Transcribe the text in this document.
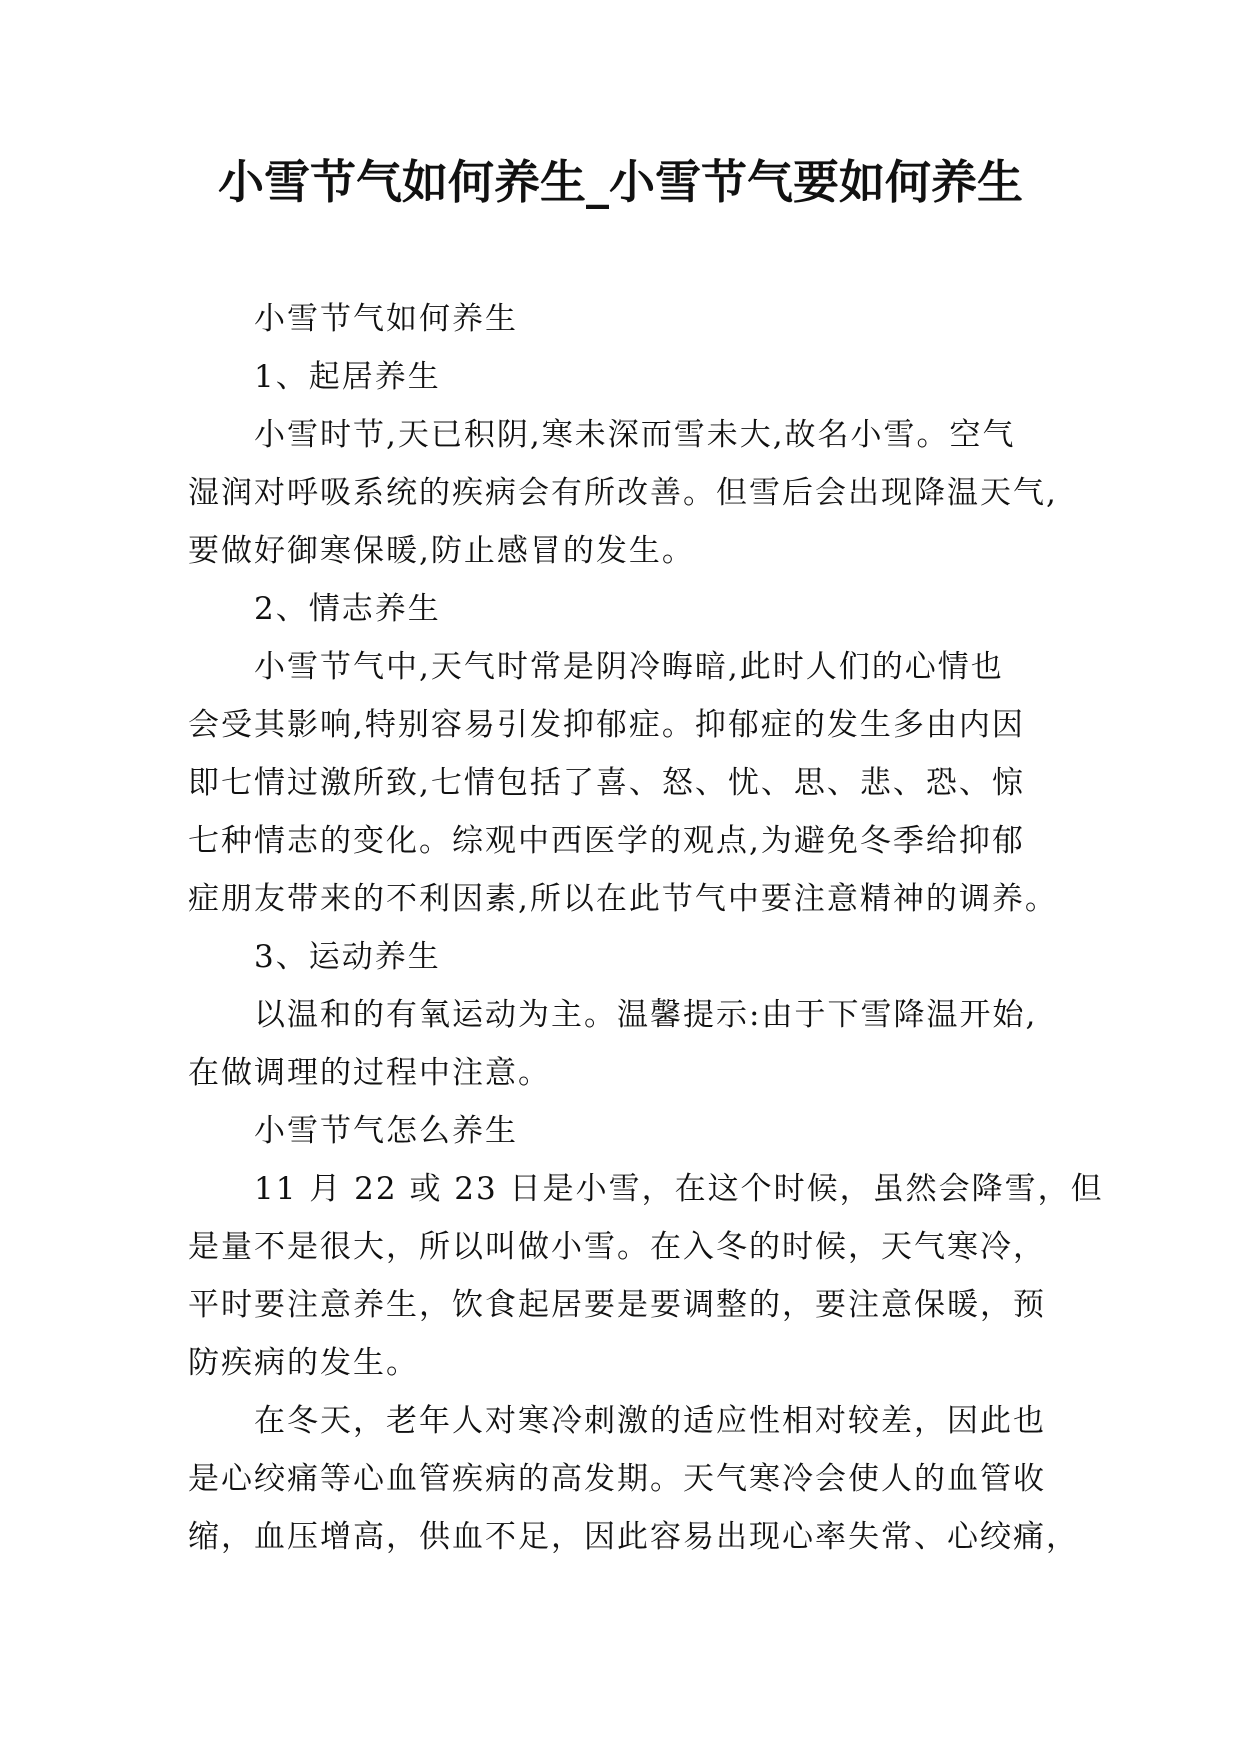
小雪节气如何养生_小雪节气要如何养生

小雪节气如何养生

1、起居养生

小雪时节,天已积阴,寒未深而雪未大,故名小雪。空气
湿润对呼吸系统的疾病会有所改善。但雪后会出现降温天气,
要做好御寒保暖,防止感冒的发生。

2、情志养生

小雪节气中,天气时常是阴冷晦暗,此时人们的心情也
会受其影响,特别容易引发抑郁症。抑郁症的发生多由内因
即七情过激所致,七情包括了喜、怒、忧、思、悲、恐、惊
七种情志的变化。综观中西医学的观点,为避免冬季给抑郁
症朋友带来的不利因素,所以在此节气中要注意精神的调养。

3、运动养生

以温和的有氧运动为主。温馨提示:由于下雪降温开始,
在做调理的过程中注意。

小雪节气怎么养生

11 月 22 或 23 日是小雪，在这个时候，虽然会降雪，但
是量不是很大，所以叫做小雪。在入冬的时候，天气寒冷，
平时要注意养生，饮食起居要是要调整的，要注意保暖，预
防疾病的发生。

在冬天，老年人对寒冷刺激的适应性相对较差，因此也
是心绞痛等心血管疾病的高发期。天气寒冷会使人的血管收
缩，血压增高，供血不足，因此容易出现心率失常、心绞痛，
